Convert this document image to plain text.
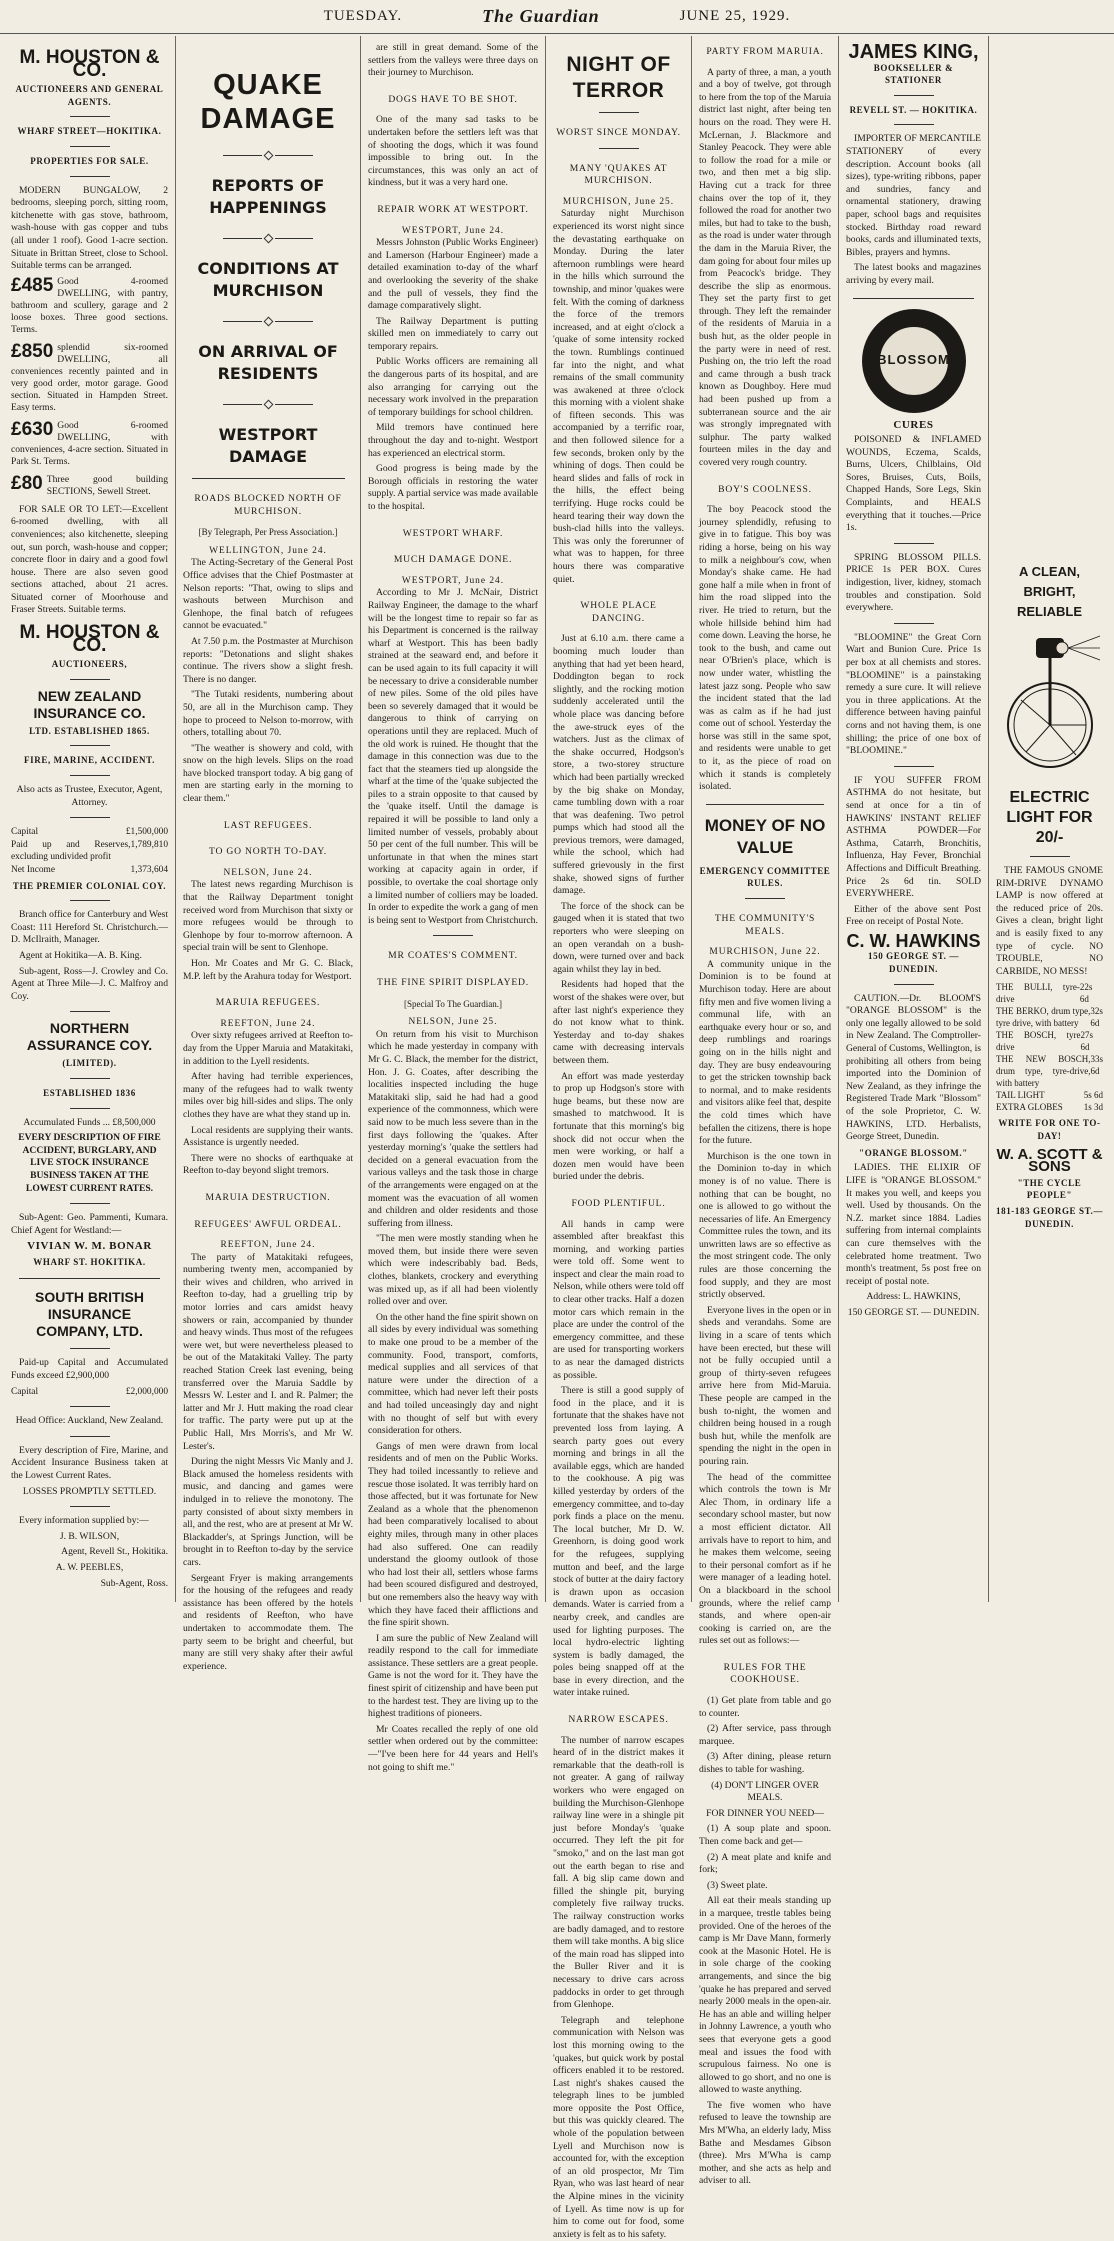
TUESDAY.	The Guardian	JUNE 25, 1929.
M. HOUSTON & CO.
AUCTIONEERS AND GENERAL AGENTS.
WHARF STREET—HOKITIKA.
PROPERTIES FOR SALE.

MODERN BUNGALOW, 2 bedrooms, sleeping porch, sitting room, kitchenette with gas stove, bathroom, wash-house with gas copper and tubs (all under 1 roof). Good 1-acre section. Situate in Brittan Street, close to School. Suitable terms can be arranged.

£485 Good 4-roomed DWELLING, with pantry, bathroom and scullery, garage and 2 loose boxes. Three good sections. Terms.
£850 splendid six-roomed DWELLING, all conveniences recently painted and in very good order, motor garage. Good section. Situated in Hampden Street. Easy terms.
£630 Good 6-roomed DWELLING, with conveniences, 4-acre section. Situated in Park St. Terms.
£80 Three good building SECTIONS, Sewell Street.

FOR SALE OR TO LET:—Excellent 6-roomed dwelling, with all conveniences; also kitchenette, sleeping out, sun porch, wash-house and copper; concrete floor in dairy and a good fowl house. There are also seven good sections attached, about 21 acres. Situated corner of Moorhouse and Fraser Streets. Suitable terms.

M. HOUSTON & CO.
AUCTIONEERS,
NEW ZEALAND INSURANCE CO.
LTD. ESTABLISHED 1865.
FIRE, MARINE, ACCIDENT.

Also acts as Trustee, Executor, Agent, Attorney.

Capital	£1,500,000
Paid up and Reserves, excluding undivided profit
1,789,810
Net Income	1,373,604
THE PREMIER COLONIAL COY.

Branch office for Canterbury and West Coast: 111 Hereford St. Christchurch.—D. McIlraith, Manager.

Agent at Hokitika—A. B. King.

Sub-agent, Ross—J. Crowley and Co. Agent at Three Mile—J. C. Malfroy and Coy.

NORTHERN ASSURANCE COY.
(LIMITED).
ESTABLISHED 1836

Accumulated Funds ... £8,500,000

EVERY DESCRIPTION OF FIRE ACCIDENT, BURGLARY, AND LIVE STOCK INSURANCE BUSINESS TAKEN AT THE LOWEST CURRENT RATES.

Sub-Agent: Geo. Pammenti, Kumara. Chief Agent for Westland:—

VIVIAN W. M. BONAR
WHARF ST. HOKITIKA.
SOUTH BRITISH INSURANCE COMPANY, LTD.

Paid-up Capital and Accumulated Funds exceed £2,900,000

Capital	£2,000,000

Head Office: Auckland, New Zealand.

Every description of Fire, Marine, and Accident Insurance Business taken at the Lowest Current Rates.

LOSSES PROMPTLY SETTLED.

Every information supplied by:—

J. B. WILSON,

Agent, Revell St., Hokitika.

A. W. PEEBLES,

Sub-Agent, Ross.

QUAKE DAMAGE
REPORTS OF HAPPENINGS
CONDITIONS AT MURCHISON
ON ARRIVAL OF RESIDENTS
WESTPORT DAMAGE
ROADS BLOCKED NORTH OF MURCHISON.
[By Telegraph, Per Press Association.]
WELLINGTON, June 24.

The Acting-Secretary of the General Post Office advises that the Chief Postmaster at Nelson reports: "That, owing to slips and washouts between Murchison and Glenhope, the final batch of refugees cannot be evacuated."

At 7.50 p.m. the Postmaster at Murchison reports: "Detonations and slight shakes continue. The rivers show a slight fresh. There is no danger.

"The Tutaki residents, numbering about 50, are all in the Murchison camp. They hope to proceed to Nelson to-morrow, with others, totalling about 70.

"The weather is showery and cold, with snow on the high levels. Slips on the road have blocked transport today. A big gang of men are starting early in the morning to clear them."

LAST REFUGEES.
TO GO NORTH TO-DAY.
NELSON, June 24.

The latest news regarding Murchison is that the Railway Department tonight received word from Murchison that sixty or more refugees would be through to Glenhope by four to-morrow afternoon. A special train will be sent to Glenhope.

Hon. Mr Coates and Mr G. C. Black, M.P. left by the Arahura today for Westport.

MARUIA REFUGEES.
REEFTON, June 24.

Over sixty refugees arrived at Reefton to-day from the Upper Maruia and Matakitaki, in addition to the Lyell residents.

After having had terrible experiences, many of the refugees had to walk twenty miles over big hill-sides and slips. The only clothes they have are what they stand up in.

Local residents are supplying their wants. Assistance is urgently needed.

There were no shocks of earthquake at Reefton to-day beyond slight tremors.

MARUIA DESTRUCTION.
REFUGEES' AWFUL ORDEAL.
REEFTON, June 24.

The party of Matakitaki refugees, numbering twenty men, accompanied by their wives and children, who arrived in Reefton to-day, had a gruelling trip by motor lorries and cars amidst heavy showers or rain, accompanied by thunder and heavy winds. Thus most of the refugees were wet, but were nevertheless pleased to be out of the Matakitaki Valley. The party reached Station Creek last evening, being transferred over the Maruia Saddle by Messrs W. Lester and I. and R. Palmer; the latter and Mr J. Hutt making the road clear for traffic. The party were put up at the Public Hall, Mrs Morris's, and Mr W. Lester's.

During the night Messrs Vic Manly and J. Black amused the homeless residents with music, and dancing and games were indulged in to relieve the monotony. The party consisted of about sixty members in all, and the rest, who are at present at Mr W. Blackadder's, at Springs Junction, will be brought in to Reefton to-day by the service cars.

Sergeant Fryer is making arrangements for the housing of the refugees and ready assistance has been offered by the hotels and residents of Reefton, who have undertaken to accommodate them. The party seem to be bright and cheerful, but many are still very shaky after their awful experience.

are still in great demand. Some of the settlers from the valleys were three days on their journey to Murchison.

DOGS HAVE TO BE SHOT.

One of the many sad tasks to be undertaken before the settlers left was that of shooting the dogs, which it was found impossible to bring out. In the circumstances, this was only an act of kindness, but it was a very hard one.

REPAIR WORK AT WESTPORT.
WESTPORT, June 24.

Messrs Johnston (Public Works Engineer) and Lamerson (Harbour Engineer) made a detailed examination to-day of the wharf and overlooking the severity of the shake and the pull of vessels, they find the damage comparatively slight.

The Railway Department is putting skilled men on immediately to carry out temporary repairs.

Public Works officers are remaining all the dangerous parts of its hospital, and are also arranging for carrying out the necessary work involved in the preparation of temporary buildings for school children.

Mild tremors have continued here throughout the day and to-night. Westport has experienced an electrical storm.

Good progress is being made by the Borough officials in restoring the water supply. A partial service was made available to the hospital.

WESTPORT WHARF.
MUCH DAMAGE DONE.
WESTPORT, June 24.

According to Mr J. McNair, District Railway Engineer, the damage to the wharf will be the longest time to repair so far as his Department is concerned is the railway wharf at Westport. This has been badly strained at the seaward end, and before it can be used again to its full capacity it will be necessary to drive a considerable number of new piles. Some of the old piles have been so severely damaged that it would be dangerous to think of carrying on operations until they are replaced. Much of the old work is ruined. He thought that the damage in this connection was due to the fact that the steamers tied up alongside the wharf at the time of the 'quake subjected the piles to a strain opposite to that caused by the 'quake itself. Until the damage is repaired it will be possible to land only a limited number of vessels, probably about 50 per cent of the full number. This will be unfortunate in that when the mines start working at capacity again in order, if possible, to overtake the coal shortage only a limited number of colliers may be loaded. In order to expedite the work a gang of men is being sent to Westport from Christchurch.

MR COATES'S COMMENT.
THE FINE SPIRIT DISPLAYED.
[Special To The Guardian.]
NELSON, June 25.

On return from his visit to Murchison which he made yesterday in company with Mr G. C. Black, the member for the district, Hon. J. G. Coates, after describing the localities inspected including the huge Matakitaki slip, said he had had a good experience of the commonness, which were said now to be much less severe than in the first days following the 'quakes. After yesterday morning's 'quake the settlers had decided on a general evacuation from the various valleys and the task those in charge of the arrangements were engaged on at the moment was the evacuation of all women and children and older residents and those suffering from illness.

"The men were mostly standing when he moved them, but inside there were seven which were indescribably bad. Beds, clothes, blankets, crockery and everything was mixed up, as if all had been violently rolled over and over.

On the other hand the fine spirit shown on all sides by every individual was something to make one proud to be a member of the community. Food, transport, comforts, medical supplies and all services of that nature were under the direction of a committee, which had never left their posts and had toiled unceasingly day and night with no thought of self but with every consideration for others.

Gangs of men were drawn from local residents and of men on the Public Works. They had toiled incessantly to relieve and rescue those isolated. It was terribly hard on those affected, but it was fortunate for New Zealand as a whole that the phenomenon had been comparatively localised to about eighty miles, through many in other places had also suffered. One can readily understand the gloomy outlook of those who had lost their all, settlers whose farms had been scoured disfigured and destroyed, but one remembers also the heavy way with which they have faced their afflictions and the fine spirit shown.

I am sure the public of New Zealand will readily respond to the call for immediate assistance. These settlers are a great people. Game is not the word for it. They have the finest spirit of citizenship and have been put to the hardest test. They are living up to the highest traditions of pioneers.

Mr Coates recalled the reply of one old settler when ordered out by the committee:—"I've been here for 44 years and Hell's not going to shift me."

NIGHT OF TERROR
WORST SINCE MONDAY.
MANY 'QUAKES AT MURCHISON.
MURCHISON, June 25.

Saturday night Murchison experienced its worst night since the devastating earthquake on Monday. During the later afternoon rumblings were heard in the hills which surround the township, and minor 'quakes were felt. With the coming of darkness the force of the tremors increased, and at eight o'clock a 'quake of some intensity rocked the town. Rumblings continued far into the night, and what remains of the small community was awakened at three o'clock this morning with a violent shake of fifteen seconds. This was accompanied by a terrific roar, and then followed silence for a few seconds, broken only by the whining of dogs. Then could be heard slides and falls of rock in the hills, the effect being terrifying. Huge rocks could be heard tearing their way down the bush-clad hills into the valleys. This was only the forerunner of what was to happen, for three hours there was comparative quiet.

WHOLE PLACE DANCING.

Just at 6.10 a.m. there came a booming much louder than anything that had yet been heard, Doddington began to rock slightly, and the rocking motion suddenly accelerated until the whole place was dancing before the awe-struck eyes of the watchers. Just as the climax of the shake occurred, Hodgson's store, a two-storey structure which had been partially wrecked by the big shake on Monday, came tumbling down with a roar that was deafening. Two petrol pumps which had stood all the previous tremors, were damaged, while the school, which had suffered grievously in the first shake, showed signs of further damage.

The force of the shock can be gauged when it is stated that two reporters who were sleeping on an open verandah on a bush-down, were turned over and back again whilst they lay in bed.

Residents had hoped that the worst of the shakes were over, but after last night's experience they do not know what to think. Yesterday and to-day shakes came with decreasing intervals between them.

An effort was made yesterday to prop up Hodgson's store with huge beams, but these now are smashed to matchwood. It is fortunate that this morning's big shock did not occur when the men were working, or half a dozen men would have been buried under the debris.

FOOD PLENTIFUL.

All hands in camp were assembled after breakfast this morning, and working parties were told off. Some went to inspect and clear the main road to Nelson, while others were told off to clear other tracks. Half a dozen motor cars which remain in the place are under the control of the emergency committee, and these are used for transporting workers to as near the damaged districts as possible.

There is still a good supply of food in the place, and it is fortunate that the shakes have not prevented loss from laying. A search party goes out every morning and brings in all the available eggs, which are handed to the cookhouse. A pig was killed yesterday by orders of the emergency committee, and to-day pork finds a place on the menu. The local butcher, Mr D. W. Greenhorn, is doing good work for the refugees, supplying mutton and beef, and the large stock of butter at the dairy factory is drawn upon as occasion demands. Water is carried from a nearby creek, and candles are used for lighting purposes. The local hydro-electric lighting system is badly damaged, the poles being snapped off at the base in every direction, and the water intake ruined.

NARROW ESCAPES.

The number of narrow escapes heard of in the district makes it remarkable that the death-roll is not greater. A gang of railway workers who were engaged on building the Murchison-Glenhope railway line were in a shingle pit just before Monday's 'quake occurred. They left the pit for "smoko," and on the last man got out the earth began to rise and fall. A big slip came down and filled the shingle pit, burying completely five railway trucks. The railway construction works are badly damaged, and to restore them will take months. A big slice of the main road has slipped into the Buller River and it is necessary to drive cars across paddocks in order to get through from Glenhope.

Telegraph and telephone communication with Nelson was lost this morning owing to the 'quakes, but quick work by postal officers enabled it to be restored. Last night's shakes caused the telegraph lines to be jumbled more opposite the Post Office, but this was quickly cleared. The whole of the population between Lyell and Murchison now is accounted for, with the exception of an old prospector, Mr Tim Ryan, who was last heard of near the Alpine mines in the vicinity of Lyell. As time now is up for him to come out for food, some anxiety is felt as to his safety.

PARTY FROM MARUIA.

A party of three, a man, a youth and a boy of twelve, got through to here from the top of the Maruia district last night, after being ten hours on the road. They were H. McLernan, J. Blackmore and Stanley Peacock. They were able to follow the road for a mile or two, and then met a big slip. Having cut a track for three chains over the top of it, they followed the road for another two miles, but had to take to the bush, as the road is under water through the dam in the Maruia River, the dam going for about four miles up from Peacock's bridge. They describe the slip as enormous. They set the party first to get through. They left the remainder of the residents of Maruia in a bush hut, as the older people in the party were in need of rest. Pushing on, the trio left the road and came through a bush track known as Doughboy. Here mud had been pushed up from a subterranean source and the air was strongly impregnated with sulphur. The party walked fourteen miles in the day and covered very rough country.

BOY'S COOLNESS.

The boy Peacock stood the journey splendidly, refusing to give in to fatigue. This boy was riding a horse, being on his way to milk a neighbour's cow, when Monday's shake came. He had gone half a mile when in front of him the road slipped into the river. He tried to return, but the whole hillside behind him had come down. Leaving the horse, he took to the bush, and came out near O'Brien's place, which is now under water, whistling the latest jazz song. People who saw the incident stated that the lad was as calm as if he had just come out of school. Yesterday the horse was still in the same spot, and residents were unable to get to it, as the piece of road on which it stands is completely isolated.

MONEY OF NO VALUE
EMERGENCY COMMITTEE RULES.
THE COMMUNITY'S MEALS.
MURCHISON, June 22.

A community unique in the Dominion is to be found at Murchison today. Here are about fifty men and five women living a communal life, with an earthquake every hour or so, and deep rumblings and roarings going on in the hills night and day. They are busy endeavouring to get the stricken township back to normal, and to make residents and visitors alike feel that, despite the cold times which have befallen the citizens, there is hope for the future.

Murchison is the one town in the Dominion to-day in which money is of no value. There is nothing that can be bought, no one is allowed to go without the necessaries of life. An Emergency Committee rules the town, and its unwritten laws are so effective as the most stringent code. The only rules are those concerning the food supply, and they are most strictly observed.

Everyone lives in the open or in sheds and verandahs. Some are living in a scare of tents which have been erected, but these will not be fully occupied until a group of thirty-seven refugees arrive here from Mid-Maruia. These people are camped in the bush to-night, the women and children being housed in a rough bush hut, while the menfolk are spending the night in the open in pouring rain.

The head of the committee which controls the town is Mr Alec Thom, in ordinary life a secondary school master, but now a most efficient dictator. All arrivals have to report to him, and he makes them welcome, seeing to their personal comfort as if he were manager of a leading hotel. On a blackboard in the school grounds, where the relief camp stands, and where open-air cooking is carried on, are the rules set out as follows:—

RULES FOR THE COOKHOUSE.

(1) Get plate from table and go to counter.

(2) After service, pass through marquee.

(3) After dining, please return dishes to table for washing.

(4) DON'T LINGER OVER MEALS.

FOR DINNER YOU NEED—

(1) A soup plate and spoon. Then come back and get—

(2) A meat plate and knife and fork;

(3) Sweet plate.

All eat their meals standing up in a marquee, trestle tables being provided. One of the heroes of the camp is Mr Dave Mann, formerly cook at the Masonic Hotel. He is in sole charge of the cooking arrangements, and since the big 'quake he has prepared and served nearly 2000 meals in the open-air. He has an able and willing helper in Johnny Lawrence, a youth who sees that everyone gets a good meal and issues the food with scrupulous fairness. No one is allowed to go short, and no one is allowed to waste anything.

The five women who have refused to leave the township are Mrs M'Wha, an elderly lady, Miss Bathe and Mesdames Gibson (three). Mrs M'Wha is camp mother, and she acts as help and adviser to all.

JAMES KING,
BOOKSELLER & STATIONER
REVELL ST. — HOKITIKA.

IMPORTER OF MERCANTILE STATIONERY of every description. Account books (all sizes), type-writing ribbons, paper and sundries, fancy and ornamental stationery, drawing paper, school bags and requisites stocked. Birthday road reward books, cards and illuminated texts, Bibles, prayers and hymns.

The latest books and magazines arriving by every mail.

BLOSSOM
CURES

POISONED & INFLAMED WOUNDS, Eczema, Scalds, Burns, Ulcers, Chilblains, Old Sores, Bruises, Cuts, Boils, Chapped Hands, Sore Legs, Skin Complaints, and HEALS everything that it touches.—Price 1s.

SPRING BLOSSOM PILLS. PRICE 1s PER BOX. Cures indigestion, liver, kidney, stomach troubles and constipation. Sold everywhere.

"BLOOMINE" the Great Corn Wart and Bunion Cure. Price 1s per box at all chemists and stores. "BLOOMINE" is a painstaking remedy a sure cure. It will relieve you in three applications. At the difference between having painful corns and not having them, is one shilling; the price of one box of "BLOOMINE."

IF YOU SUFFER FROM ASTHMA do not hesitate, but send at once for a tin of HAWKINS' INSTANT RELIEF ASTHMA POWDER—For Asthma, Catarrh, Bronchitis, Influenza, Hay Fever, Bronchial Affections and Difficult Breathing. Price 2s 6d tin. SOLD EVERYWHERE.

Either of the above sent Post Free on receipt of Postal Note.

C. W. HAWKINS
150 GEORGE ST. — DUNEDIN.

CAUTION.—Dr. BLOOM'S "ORANGE BLOSSOM" is the only one legally allowed to be sold in New Zealand. The Comptroller-General of Customs, Wellington, is prohibiting all others from being imported into the Dominion of New Zealand, as they infringe the Registered Trade Mark "Blossom" of the sole Proprietor, C. W. HAWKINS, LTD. Herbalists, George Street, Dunedin.

"ORANGE BLOSSOM."

LADIES. THE ELIXIR OF LIFE is "ORANGE BLOSSOM." It makes you well, and keeps you well. Used by thousands. On the N.Z. market since 1884. Ladies suffering from internal complaints can cure themselves with the celebrated home treatment. Two month's treatment, 5s post free on receipt of postal note.

Address: L. HAWKINS,

150 GEORGE ST. — DUNEDIN.

A CLEAN, BRIGHT, RELIABLE
ELECTRIC LIGHT FOR 20/-

THE FAMOUS GNOME RIM-DRIVE DYNAMO LAMP is now offered at the reduced price of 20s. Gives a clean, bright light and is easily fixed to any type of cycle. NO TROUBLE, NO CARBIDE, NO MESS!

THE BULLI, tyre-drive
22s 6d
THE BERKO, drum type, tyre drive, with battery
32s 6d
THE BOSCH, tyre drive
27s 6d
THE NEW BOSCH, drum type, tyre-drive, with battery
33s 6d
TAIL LIGHT	5s 6d
EXTRA GLOBES 1s 3d
WRITE FOR ONE TO-DAY!
W. A. SCOTT & SONS
"THE CYCLE PEOPLE"
181-183 GEORGE ST.—DUNEDIN.
